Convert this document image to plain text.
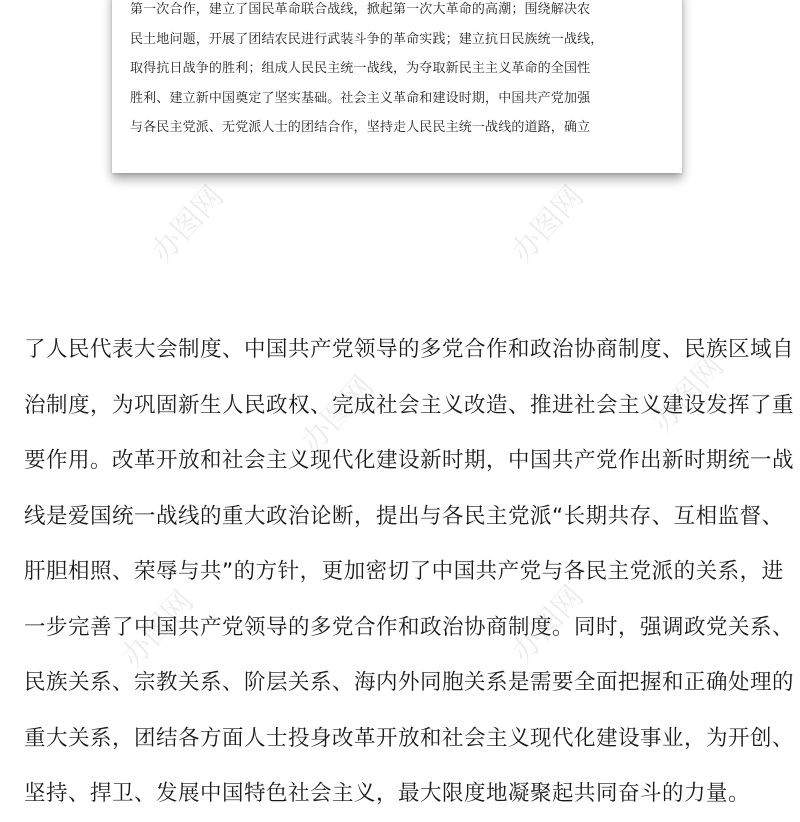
第一次合作，建立了国民革命联合战线，掀起第一次大革命的高潮；围绕解决农
民土地问题，开展了团结农民进行武装斗争的革命实践；建立抗日民族统一战线，
取得抗日战争的胜利；组成人民民主统一战线，为夺取新民主主义革命的全国性
胜利、建立新中国奠定了坚实基础。社会主义革命和建设时期，中国共产党加强
与各民主党派、无党派人士的团结合作，坚持走人民民主统一战线的道路，确立
办图网	办图网
办图网	办图网
办图网	办图网
了人民代表大会制度、中国共产党领导的多党合作和政治协商制度、民族区域自
治制度，为巩固新生人民政权、完成社会主义改造、推进社会主义建设发挥了重
要作用。改革开放和社会主义现代化建设新时期，中国共产党作出新时期统一战
线是爱国统一战线的重大政治论断，提出与各民主党派“长期共存、互相监督、
肝胆相照、荣辱与共”的方针，更加密切了中国共产党与各民主党派的关系，进
一步完善了中国共产党领导的多党合作和政治协商制度。同时，强调政党关系、
民族关系、宗教关系、阶层关系、海内外同胞关系是需要全面把握和正确处理的
重大关系，团结各方面人士投身改革开放和社会主义现代化建设事业，为开创、
坚持、捍卫、发展中国特色社会主义，最大限度地凝聚起共同奋斗的力量。
